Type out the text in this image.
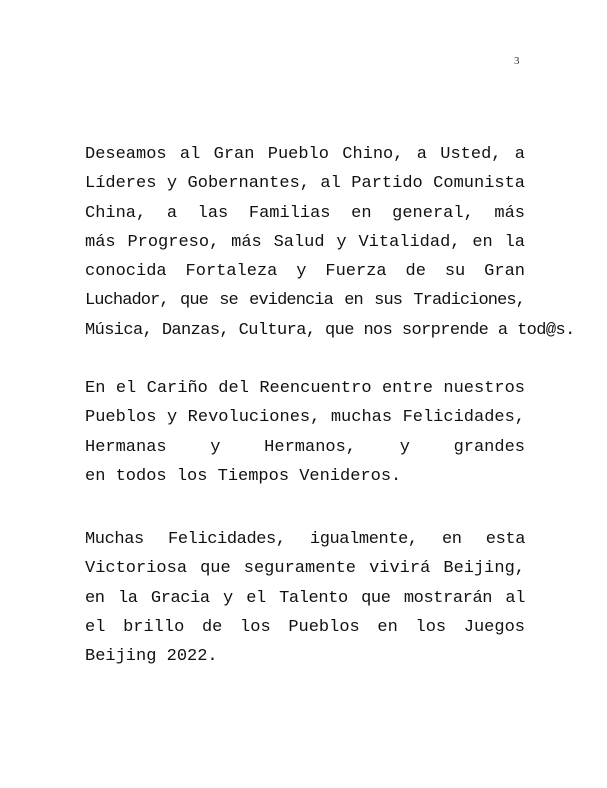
3
Deseamos al Gran Pueblo Chino, a Usted, a
Líderes y Gobernantes, al Partido Comunista
China, a las Familias en general, más
más Progreso, más Salud y Vitalidad, en la
conocida Fortaleza y Fuerza de su Gran
Luchador, que se evidencia en sus Tradiciones,
Música, Danzas, Cultura, que nos sorprende a tod@s.
En el Cariño del Reencuentro entre nuestros
Pueblos y Revoluciones, muchas Felicidades,
Hermanas y Hermanos, y grandes
en todos los Tiempos Venideros.
Muchas Felicidades, igualmente, en esta
Victoriosa que seguramente vivirá Beijing,
en la Gracia y el Talento que mostrarán al
el brillo de los Pueblos en los Juegos
Beijing 2022.
